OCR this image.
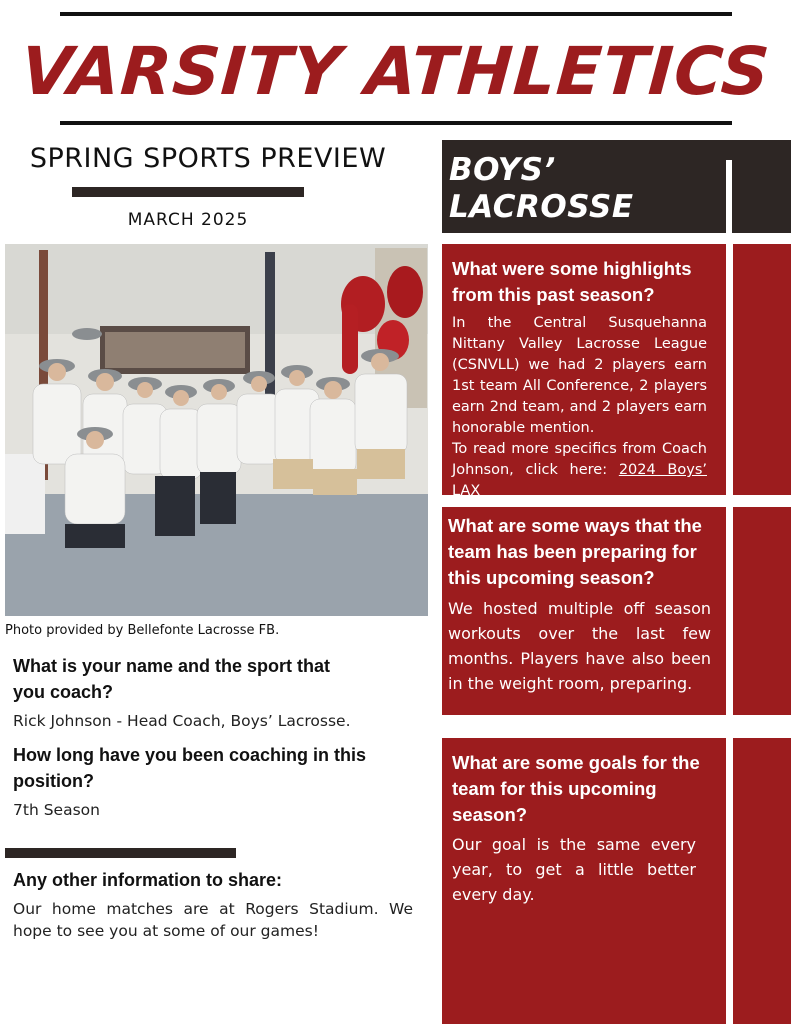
VARSITY ATHLETICS
SPRING SPORTS PREVIEW
MARCH 2025
Photo provided by Bellefonte Lacrosse FB.
What is your name and the sport that you coach?
Rick Johnson - Head Coach, Boys’ Lacrosse.
How long have you been coaching in this position?
7th Season
Any other information to share:
Our home matches are at Rogers Stadium. We hope to see you at some of our games!
BOYS’
LACROSSE
What were some highlights from this past season?
In the Central Susquehanna Nittany Valley Lacrosse League (CSNVLL) we had 2 players earn 1st team All Conference, 2 players earn 2nd team, and 2 players earn honorable mention.
To read more specifics from Coach Johnson, click here: 2024 Boys’ LAX
What are some ways that the team has been preparing for this upcoming season?
We hosted multiple off season workouts over the last few months. Players have also been in the weight room, preparing.
What are some goals for the team for this upcoming season?
Our goal is the same every year, to get a little better every day.
